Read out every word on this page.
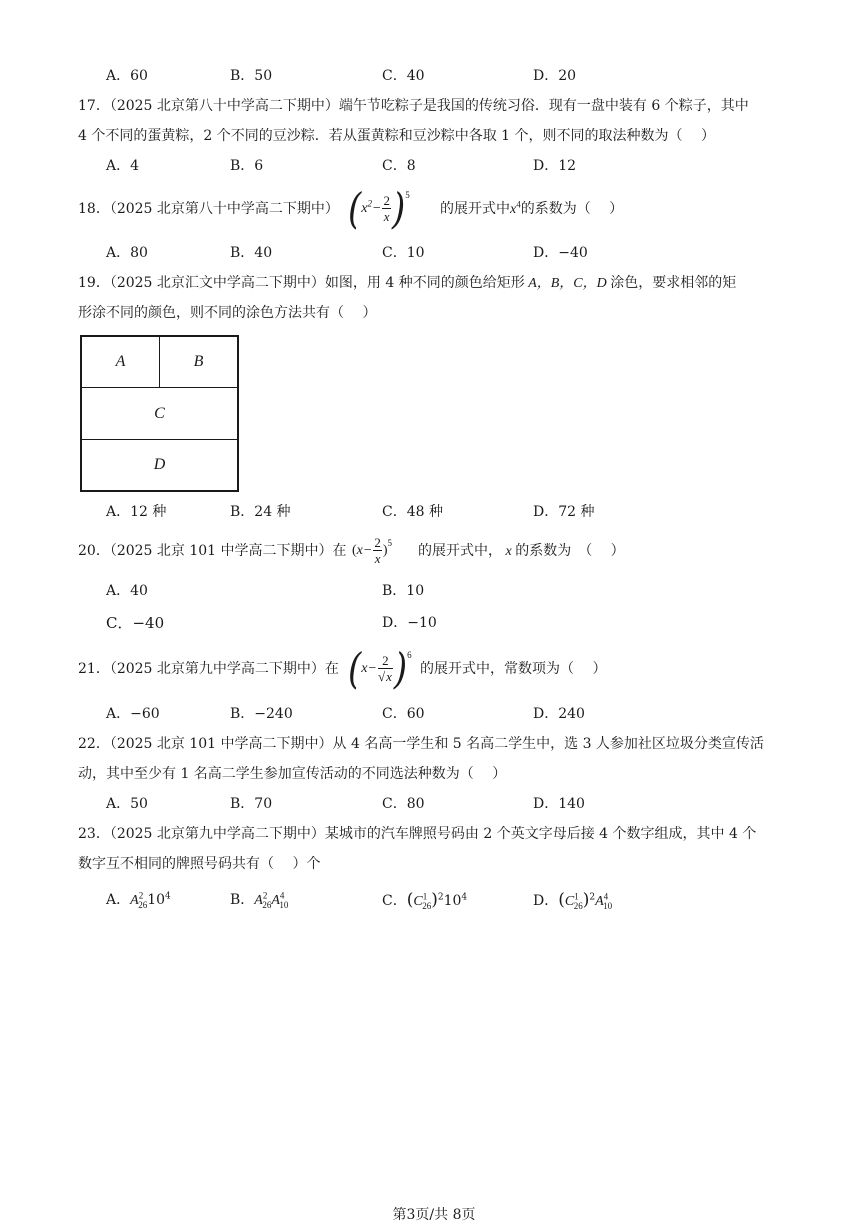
A．60	B．50	C．40	D．20
17．（2025 北京第八十中学高二下期中）端午节吃粽子是我国的传统习俗．现有一盘中装有 6 个粽子，其中
4 个不同的蛋黄粽，2 个不同的豆沙粽．若从蛋黄粽和豆沙粽中各取 1 个，则不同的取法种数为（　 ）
A．4	B．6	C．8	D．12
18．（2025 北京第八十中学高二下期中） $(x^2- \frac{2}{x} )^5$
的展开式中$x^4$的系数为（　 ）
A．80	B．40	C．10	D．−40
19．（2025 北京汇文中学高二下期中）如图，用 4 种不同的颜色给矩形 A，B，C，D 涂色，要求相邻的矩
形涂不同的颜色，则不同的涂色方法共有（　 ）
A	B
C
D
A．12 种	B．24 种	C．48 种	D．72 种
20．（2025 北京 101 中学高二下期中）在 $(x- \frac{2}{x} )^5$ 的展开式中， x 的系数为　（　 ）
A．40	B．10
C．−40	D．−10
21．（2025 北京第九中学高二下期中）在 $(x- \frac{2}{√x} )^6$
的展开式中，常数项为（　 ）
A．−60	B．−240	C．60	D．240
22．（2025 北京 101 中学高二下期中）从 4 名高一学生和 5 名高二学生中，选 3 人参加社区垃圾分类宣传活
动，其中至少有 1 名高二学生参加宣传活动的不同选法种数为（　 ）
A．50	B．70	C．80	D．140
23．（2025 北京第九中学高二下期中）某城市的汽车牌照号码由 2 个英文字母后接 4 个数字组成，其中 4 个
数字互不相同的牌照号码共有（　 ）个
A．$A^2_{26}10^4$	B．$A^2_{26}A^4_{10}$	C．$(C^1_{26})^210^4$	D．$(C^1_{26})^2A^4_{10}$
第3页/共 8页
